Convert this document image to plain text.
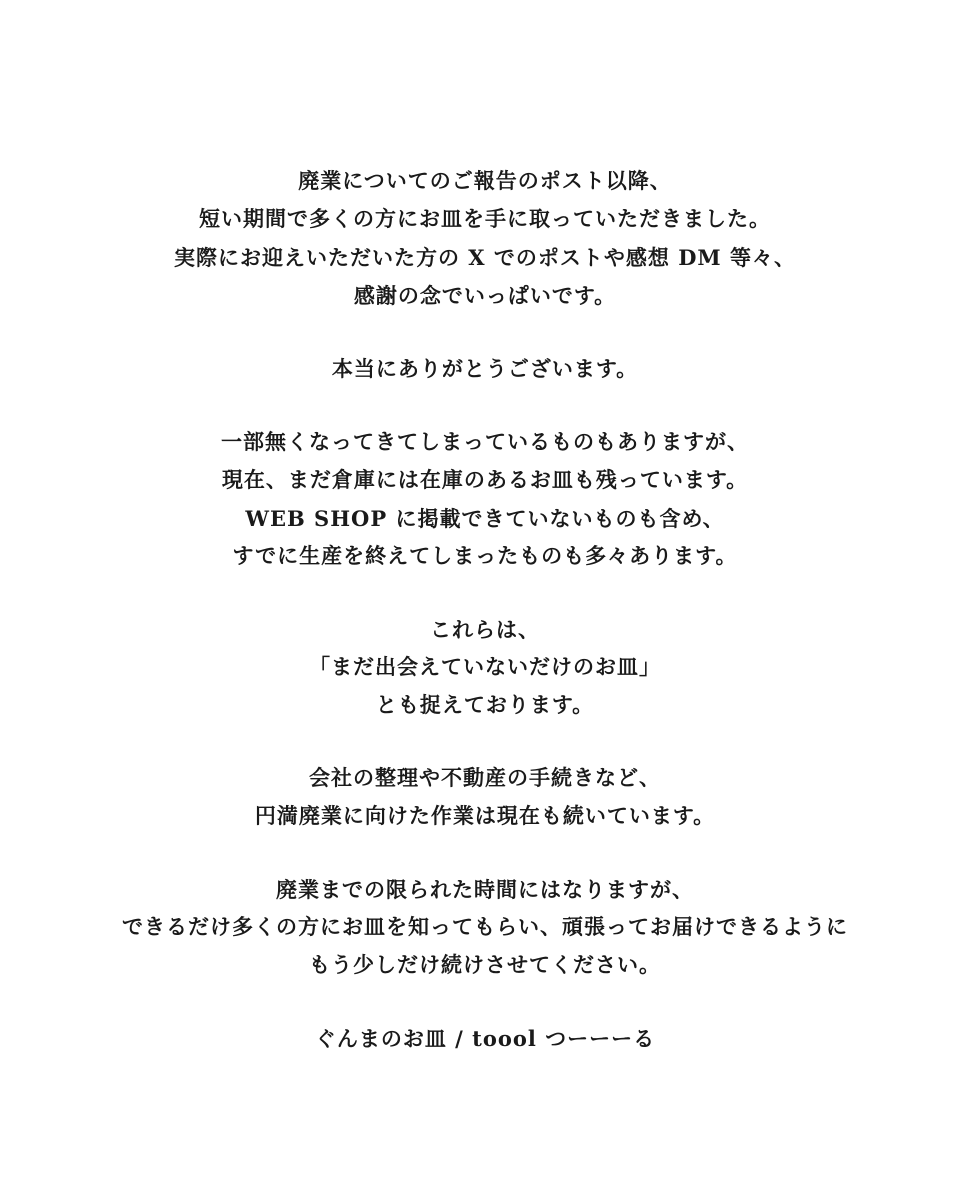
廃業についてのご報告のポスト以降、
短い期間で多くの方にお皿を手に取っていただきました。
実際にお迎えいただいた方の X でのポストや感想 DM 等々、
感謝の念でいっぱいです。
本当にありがとうございます。
一部無くなってきてしまっているものもありますが、
現在、まだ倉庫には在庫のあるお皿も残っています。
WEB SHOP に掲載できていないものも含め、
すでに生産を終えてしまったものも多々あります。
これらは、
「まだ出会えていないだけのお皿」
とも捉えております。
会社の整理や不動産の手続きなど、
円満廃業に向けた作業は現在も続いています。
廃業までの限られた時間にはなりますが、
できるだけ多くの方にお皿を知ってもらい、頑張ってお届けできるように
もう少しだけ続けさせてください。
ぐんまのお皿 / toool つーーーる
